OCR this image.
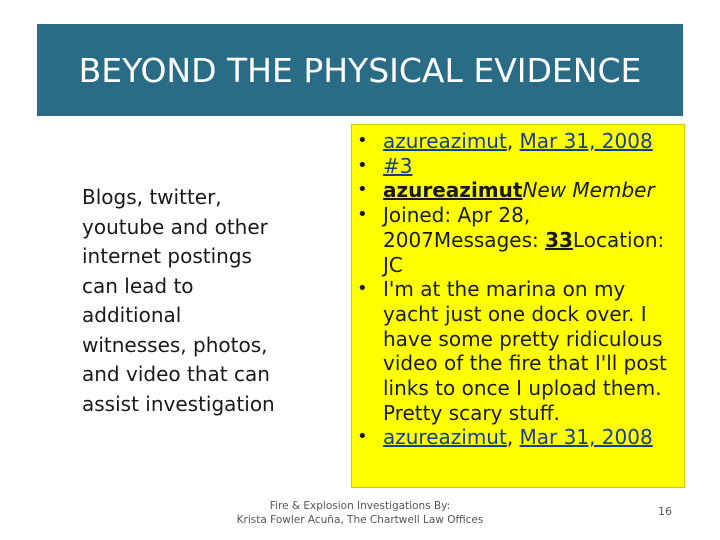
BEYOND THE PHYSICAL EVIDENCE
Blogs, twitter,
youtube and other
internet postings
can lead to
additional
witnesses, photos,
and video that can
assist investigation
• azureazimut, Mar 31, 2008
• #3
• azureazimutNew Member
• Joined: Apr 28, 2007Messages: 33Location: JC
• I'm at the marina on my yacht just one dock over. I have some pretty ridiculous video of the fire that I'll post links to once I upload them. Pretty scary stuff.
• azureazimut, Mar 31, 2008
Fire & Explosion Investigations By:
Krista Fowler Acuña, The Chartwell Law Offices
16
